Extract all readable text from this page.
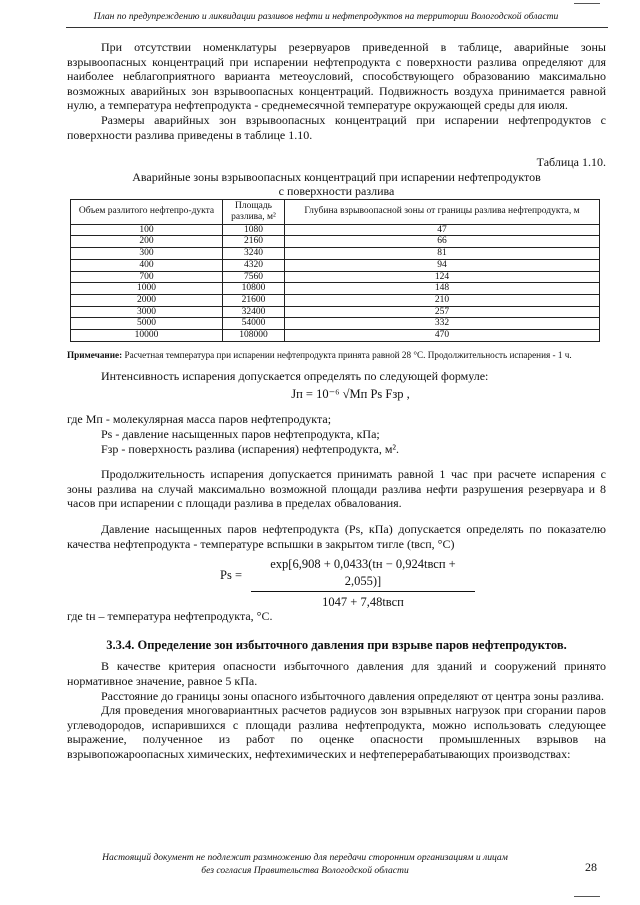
План по предупреждению и ликвидации разливов нефти и нефтепродуктов на территории Вологодской области

При отсутствии номенклатуры резервуаров приведенной в таблице, аварийные зоны взрывоопасных концентраций при испарении нефтепродукта с поверхности разлива определяют для наиболее неблагоприятного варианта метеоусловий, способствующего образованию максимально возможных аварийных зон взрывоопасных концентраций. Подвижность воздуха принимается равной нулю, а температура нефтепродукта - среднемесячной температуре окружающей среды для июля.

Размеры аварийных зон взрывоопасных концентраций при испарении нефтепродуктов с поверхности разлива приведены в таблице 1.10.

Таблица 1.10.

Аварийные зоны взрывоопасных концентраций при испарении нефтепродуктов

с поверхности разлива

Объем разлитого нефтепро-дукта	Площадь разлива, м²	Глубина взрывоопасной зоны от границы разлива нефтепродукта, м
100	1080	47
200	2160	66
300	3240	81
400	4320	94
700	7560	124
1000	10800	148
2000	21600	210
3000	32400	257
5000	54000	332
10000	108000	470

Примечание: Расчетная температура при испарении нефтепродукта принята равной 28 °С. Продолжительность испарения - 1 ч.

Интенсивность испарения допускается определять по следующей формуле:

Jп = 10⁻⁶ √Mп Ps Fзр ,

где Мп - молекулярная масса паров нефтепродукта;

Рs - давление насыщенных паров нефтепродукта, кПа;

Fзр - поверхность разлива (испарения) нефтепродукта, м².

Продолжительность испарения допускается принимать равной 1 час при расчете испарения с зоны разлива на случай максимально возможной площади разлива нефти разрушения резервуара и 8 часов при испарении с площади разлива в пределах обвалования.

Давление насыщенных паров нефтепродукта (Рs, кПа) допускается определять по показателю качества нефтепродукта - температуре вспышки в закрытом тигле (tвсп, °С)

Ps =
exp[6,908 + 0,0433(tн − 0,924tвсп + 2,055)]
1047 + 7,48tвсп

где tн – температура нефтепродукта, °С.

3.3.4. Определение зон избыточного давления при взрыве паров нефтепродуктов.

В качестве критерия опасности избыточного давления для зданий и сооружений принято нормативное значение, равное 5 кПа.

Расстояние до границы зоны опасного избыточного давления определяют от центра зоны разлива.

Для проведения многовариантных расчетов радиусов зон взрывных нагрузок при сгорании паров углеводородов, испарившихся с площади разлива нефтепродукта, можно использовать следующее выражение, полученное из работ по оценке опасности промышленных взрывов на взрывопожароопасных химических, нефтехимических и нефтеперерабатывающих производствах:

Настоящий документ не подлежит размножению для передачи сторонним организациям и лицам
без согласия Правительства Вологодской области	28
